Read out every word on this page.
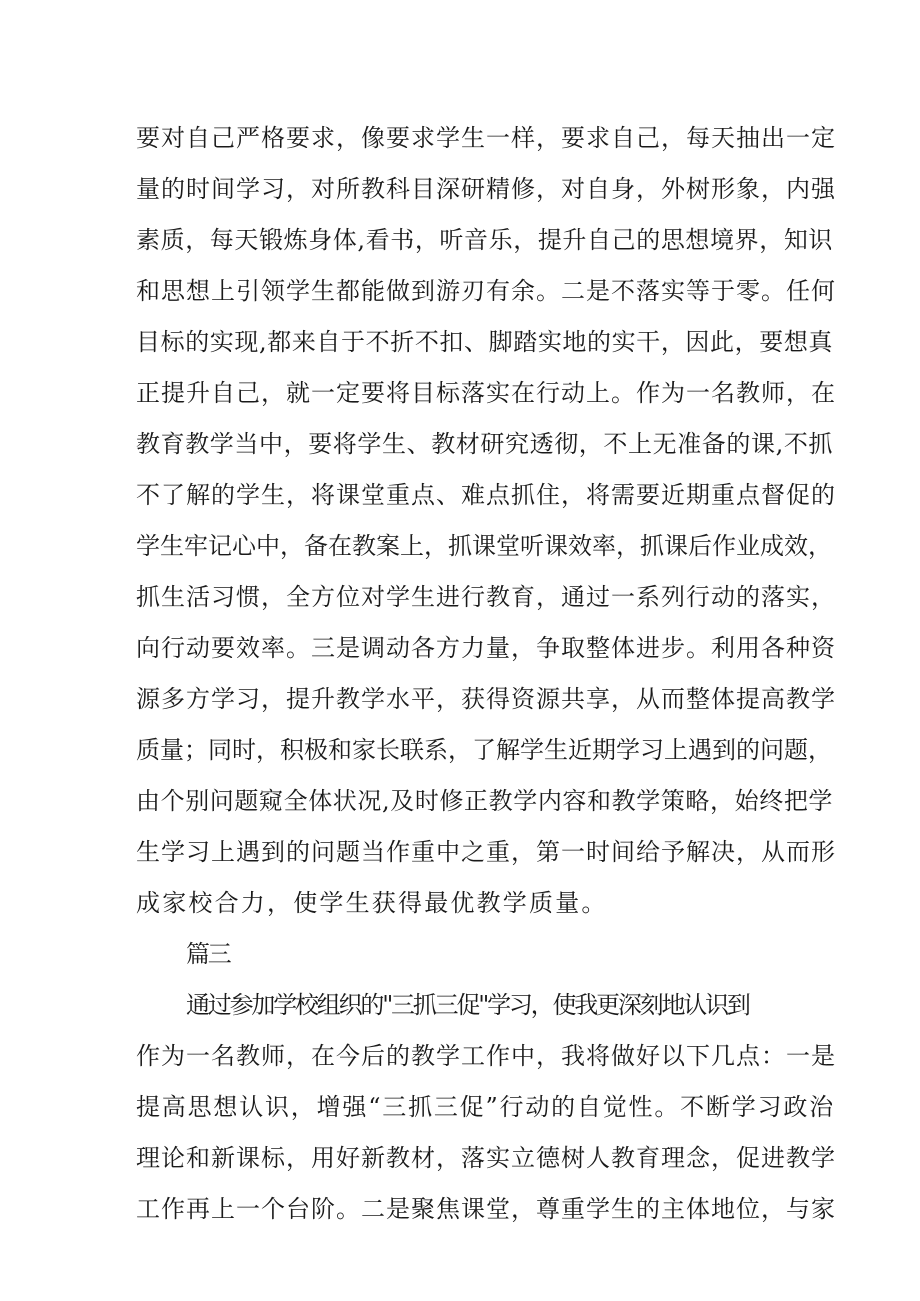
要对自己严格要求，像要求学生一样，要求自己，每天抽出一定
量的时间学习，对所教科目深研精修，对自身，外树形象，内强
素质，每天锻炼身体,看书，听音乐，提升自己的思想境界，知识
和思想上引领学生都能做到游刃有余。二是不落实等于零。任何
目标的实现,都来自于不折不扣、脚踏实地的实干，因此，要想真
正提升自己，就一定要将目标落实在行动上。作为一名教师，在
教育教学当中，要将学生、教材研究透彻，不上无准备的课,不抓
不了解的学生，将课堂重点、难点抓住，将需要近期重点督促的
学生牢记心中，备在教案上，抓课堂听课效率，抓课后作业成效，
抓生活习惯，全方位对学生进行教育，通过一系列行动的落实，
向行动要效率。三是调动各方力量，争取整体进步。利用各种资
源多方学习，提升教学水平，获得资源共享，从而整体提高教学
质量；同时，积极和家长联系，了解学生近期学习上遇到的问题，
由个别问题窥全体状况,及时修正教学内容和教学策略，始终把学
生学习上遇到的问题当作重中之重，第一时间给予解决，从而形
成家校合力，使学生获得最优教学质量。
篇三
通过参加学校组织的"三抓三促"学习，使我更深刻地认识到
作为一名教师，在今后的教学工作中，我将做好以下几点：一是
提高思想认识，增强“三抓三促”行动的自觉性。不断学习政治
理论和新课标，用好新教材，落实立德树人教育理念，促进教学
工作再上一个台阶。二是聚焦课堂，尊重学生的主体地位，与家
